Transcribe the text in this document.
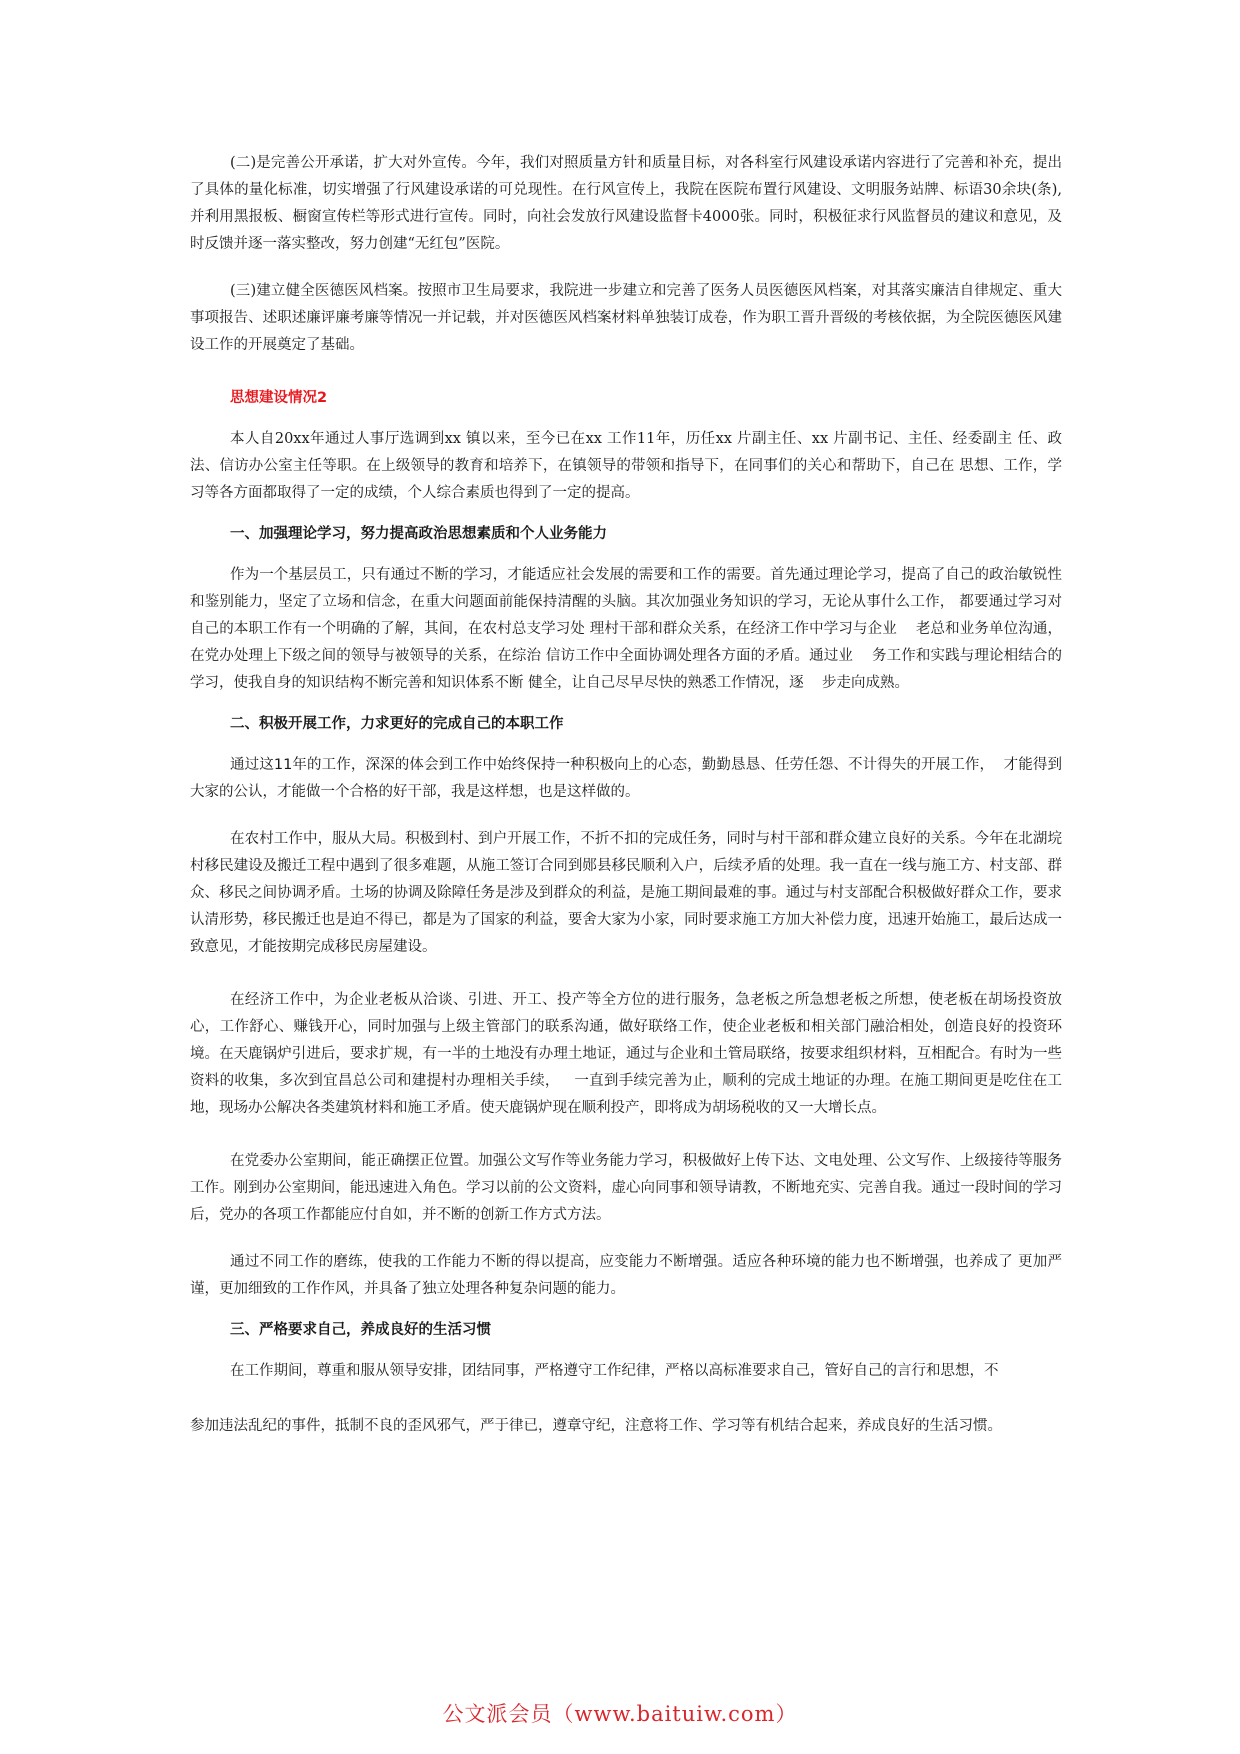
(二)是完善公开承诺，扩大对外宣传。今年，我们对照质量方针和质量目标，对各科室行风建设承诺内容进行了完善和补充，提出了具体的量化标准，切实增强了行风建设承诺的可兑现性。在行风宣传上，我院在医院布置行风建设、文明服务站牌、标语30余块(条),并利用黑报板、橱窗宣传栏等形式进行宣传。同时，向社会发放行风建设监督卡4000张。同时，积极征求行风监督员的建议和意见，及时反馈并逐一落实整改，努力创建“无红包”医院。

(三)建立健全医德医风档案。按照市卫生局要求，我院进一步建立和完善了医务人员医德医风档案，对其落实廉洁自律规定、重大事项报告、述职述廉评廉考廉等情况一并记载，并对医德医风档案材料单独装订成卷，作为职工晋升晋级的考核依据，为全院医德医风建设工作的开展奠定了基础。

思想建设情况2

本人自20xx年通过人事厅选调到xx 镇以来，至今已在xx 工作11年，历任xx 片副主任、xx 片副书记、主任、经委副主 任、政法、信访办公室主任等职。在上级领导的教育和培养下，在镇领导的带领和指导下，在同事们的关心和帮助下，自己在 思想、工作，学习等各方面都取得了一定的成绩，个人综合素质也得到了一定的提高。

一、加强理论学习，努力提高政治思想素质和个人业务能力

作为一个基层员工，只有通过不断的学习，才能适应社会发展的需要和工作的需要。首先通过理论学习，提高了自己的政治敏锐性和鉴别能力，坚定了立场和信念，在重大问题面前能保持清醒的头脑。其次加强业务知识的学习，无论从事什么工作， 都要通过学习对自己的本职工作有一个明确的了解，其间，在农村总支学习处 理村干部和群众关系，在经济工作中学习与企业    老总和业务单位沟通，在党办处理上下级之间的领导与被领导的关系，在综治 信访工作中全面协调处理各方面的矛盾。通过业    务工作和实践与理论相结合的学习，使我自身的知识结构不断完善和知识体系不断 健全，让自己尽早尽快的熟悉工作情况，逐    步走向成熟。

二、积极开展工作，力求更好的完成自己的本职工作

通过这11年的工作，深深的体会到工作中始终保持一种积极向上的心态，勤勤恳恳、任劳任怨、不计得失的开展工作，  才能得到大家的公认，才能做一个合格的好干部，我是这样想，也是这样做的。

在农村工作中，服从大局。积极到村、到户开展工作，不折不扣的完成任务，同时与村干部和群众建立良好的关系。今年在北湖垸村移民建设及搬迁工程中遇到了很多难题，从施工签订合同到郧县移民顺利入户，后续矛盾的处理。我一直在一线与施工方、村支部、群众、移民之间协调矛盾。土场的协调及除障任务是涉及到群众的利益，是施工期间最难的事。通过与村支部配合积极做好群众工作，要求认清形势，移民搬迁也是迫不得已，都是为了国家的利益，要舍大家为小家，同时要求施工方加大补偿力度，迅速开始施工，最后达成一致意见，才能按期完成移民房屋建设。

在经济工作中，为企业老板从洽谈、引进、开工、投产等全方位的进行服务，急老板之所急想老板之所想，使老板在胡场投资放心，工作舒心、赚钱开心，同时加强与上级主管部门的联系沟通，做好联络工作，使企业老板和相关部门融洽相处，创造良好的投资环境。在天鹿锅炉引进后，要求扩规，有一半的土地没有办理土地证，通过与企业和土管局联络，按要求组织材料，互相配合。有时为一些资料的收集，多次到宜昌总公司和建提村办理相关手续，   一直到手续完善为止，顺利的完成土地证的办理。在施工期间更是吃住在工地，现场办公解决各类建筑材料和施工矛盾。使天鹿锅炉现在顺利投产，即将成为胡场税收的又一大增长点。

在党委办公室期间，能正确摆正位置。加强公文写作等业务能力学习，积极做好上传下达、文电处理、公文写作、上级接待等服务工作。刚到办公室期间，能迅速进入角色。学习以前的公文资料，虚心向同事和领导请教，不断地充实、完善自我。通过一段时间的学习后，党办的各项工作都能应付自如，并不断的创新工作方式方法。

通过不同工作的磨练，使我的工作能力不断的得以提高，应变能力不断增强。适应各种环境的能力也不断增强，也养成了 更加严谨，更加细致的工作作风，并具备了独立处理各种复杂问题的能力。

三、严格要求自己，养成良好的生活习惯

在工作期间，尊重和服从领导安排，团结同事，严格遵守工作纪律，严格以高标准要求自己，管好自己的言行和思想，不

参加违法乱纪的事件，抵制不良的歪风邪气，严于律已，遵章守纪，注意将工作、学习等有机结合起来，养成良好的生活习惯。

公文派会员（www.baituiw.com）
